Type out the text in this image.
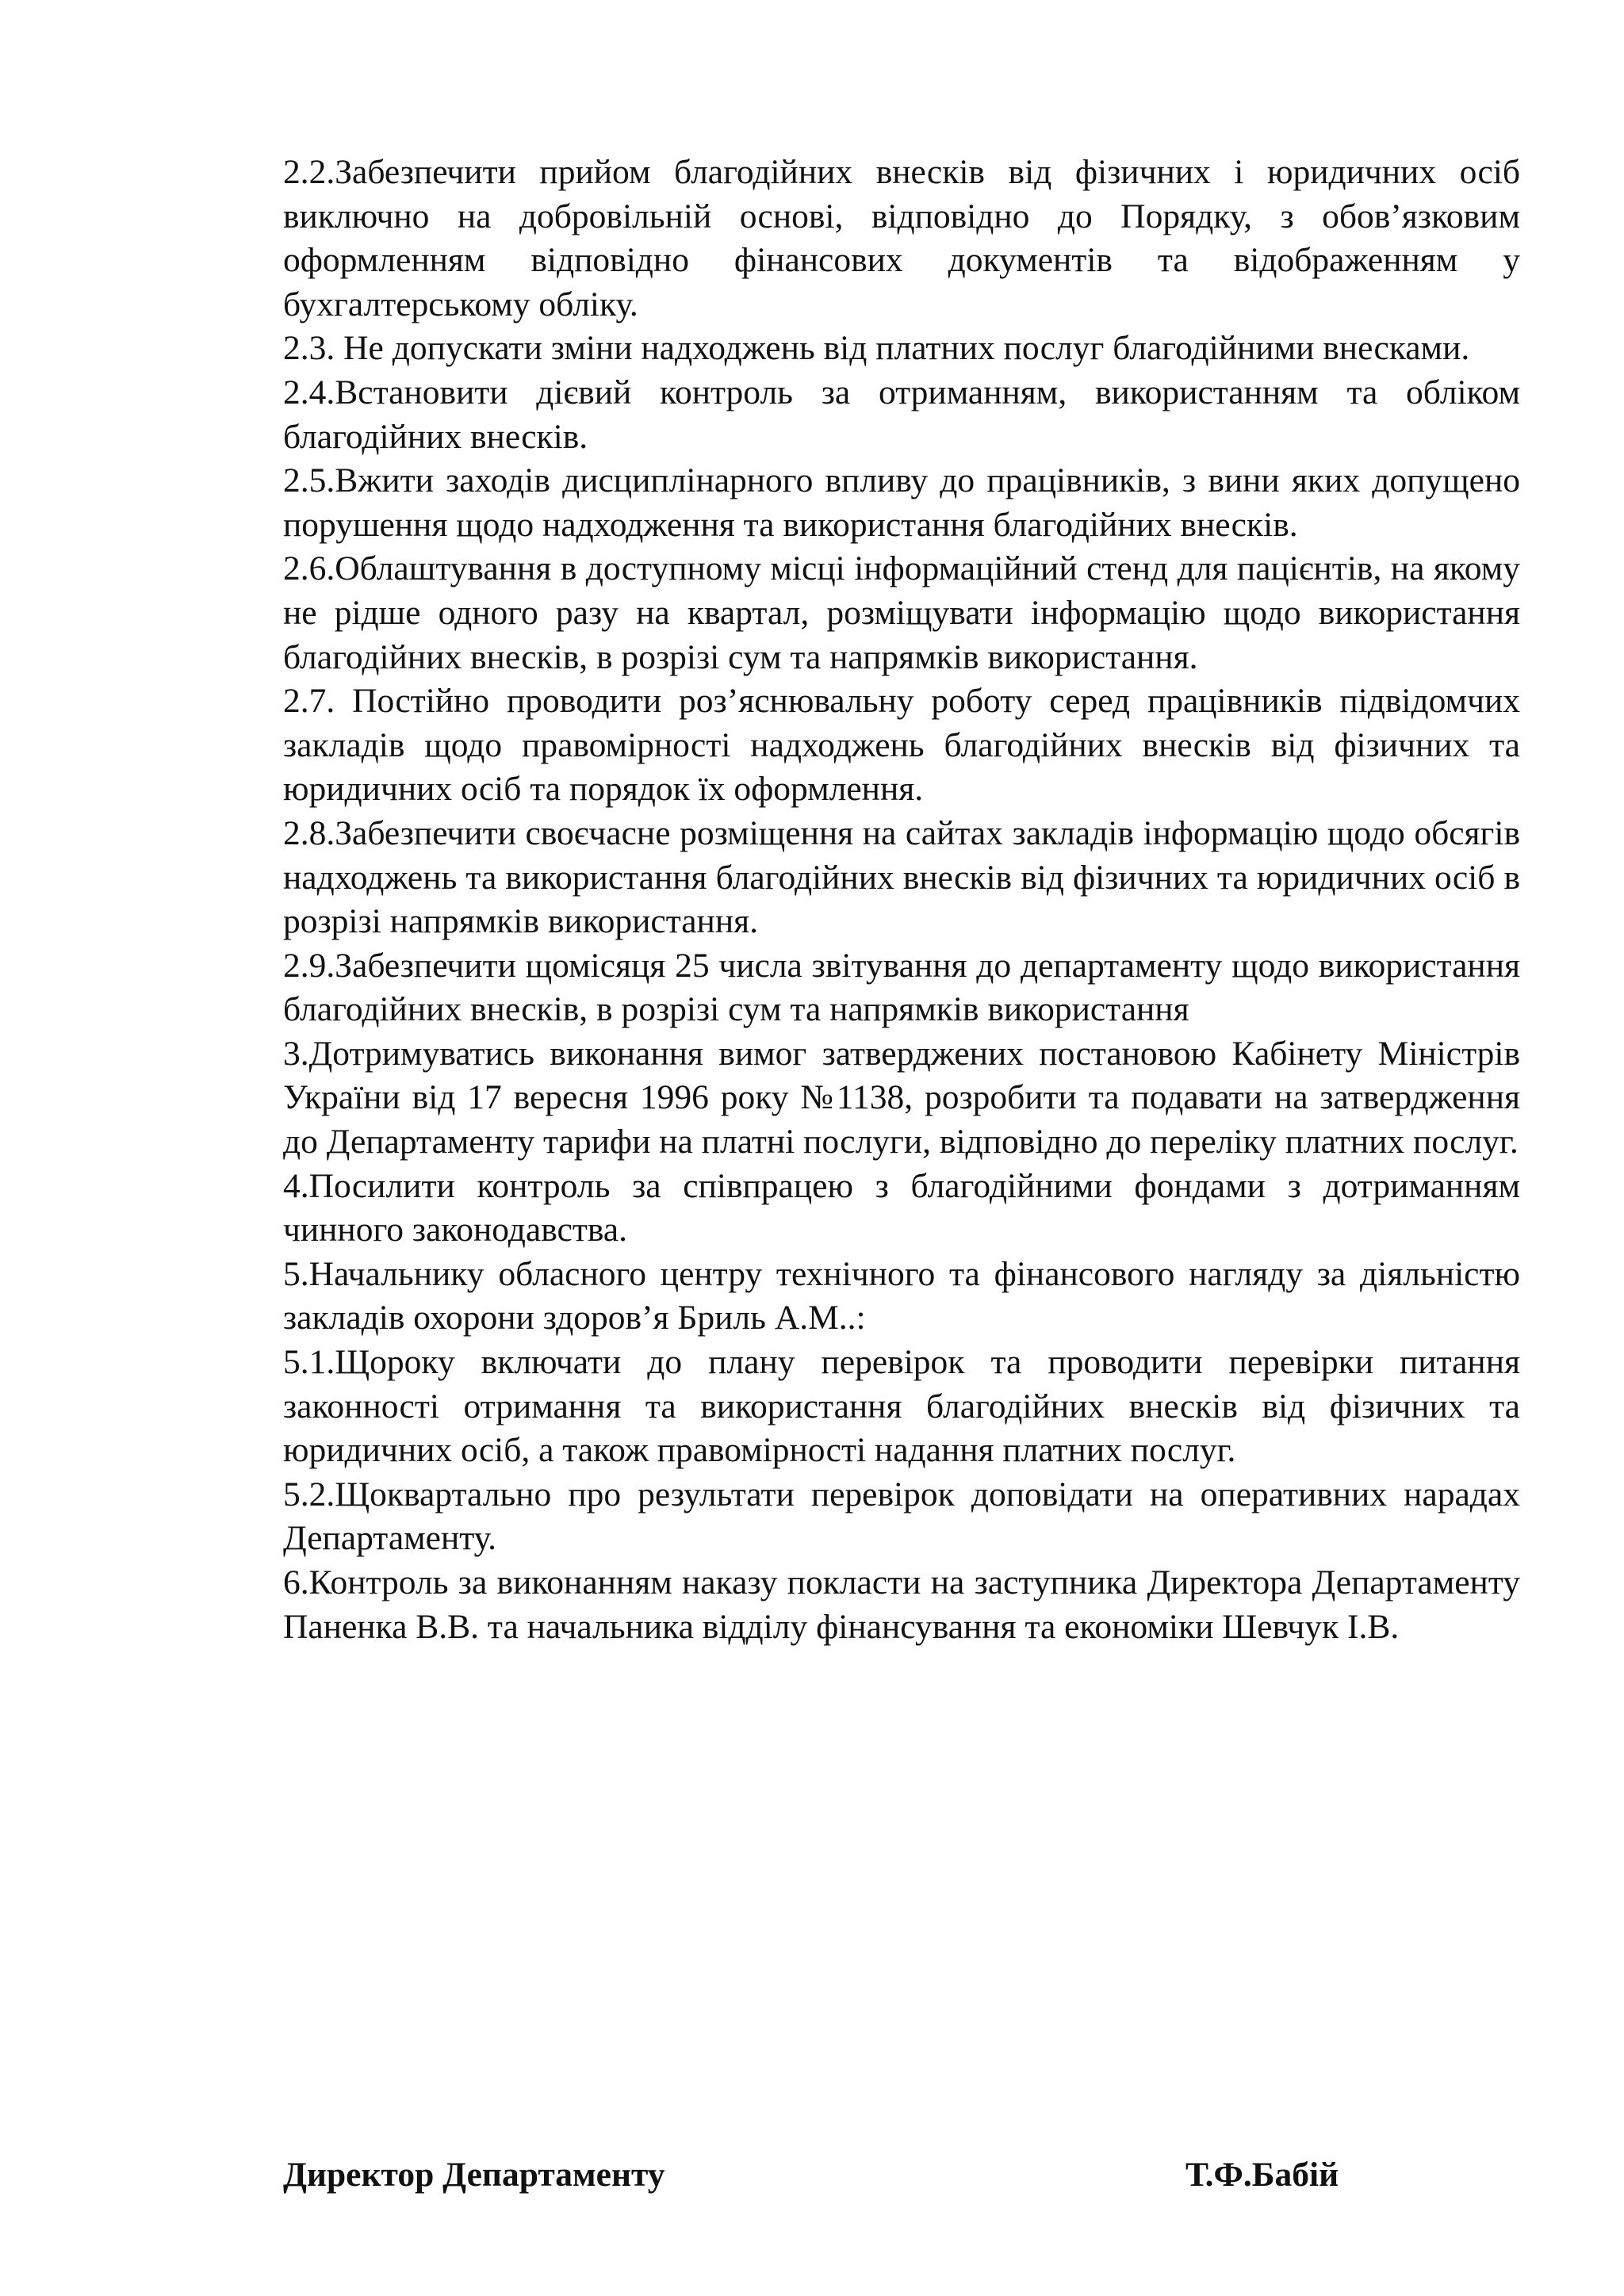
2.2.Забезпечити прийом благодійних внесків від фізичних і юридичних осіб виключно на добровільній основі, відповідно до Порядку, з обов’язковим оформленням відповідно фінансових документів та відображенням у бухгалтерському обліку.

2.3. Не допускати зміни надходжень від платних послуг благодійними внесками.

2.4.Встановити дієвий контроль за отриманням, використанням та обліком благодійних внесків.

2.5.Вжити заходів дисциплінарного впливу до працівників, з вини яких допущено порушення щодо надходження та використання благодійних внесків.

2.6.Облаштування в доступному місці інформаційний стенд для пацієнтів, на якому не рідше одного разу на квартал, розміщувати інформацію щодо використання благодійних внесків, в розрізі сум та напрямків використання.

2.7. Постійно проводити роз’яснювальну роботу серед працівників підвідомчих закладів щодо правомірності надходжень благодійних внесків від фізичних та юридичних осіб та порядок їх оформлення.

2.8.Забезпечити своєчасне розміщення на сайтах закладів інформацію щодо обсягів надходжень та використання благодійних внесків від фізичних та юридичних осіб в розрізі напрямків використання.

2.9.Забезпечити щомісяця 25 числа звітування до департаменту щодо використання благодійних внесків, в розрізі сум та напрямків використання

3.Дотримуватись виконання вимог затверджених постановою Кабінету Міністрів України від 17 вересня 1996 року №1138, розробити та подавати на затвердження до Департаменту тарифи на платні послуги, відповідно до переліку платних послуг.

4.Посилити контроль за співпрацею з благодійними фондами з дотриманням чинного законодавства.

5.Начальнику обласного центру технічного та фінансового нагляду за діяльністю закладів охорони здоров’я Бриль А.М..:

5.1.Щороку включати до плану перевірок та проводити перевірки питання законності отримання та використання благодійних внесків від фізичних та юридичних осіб, а також правомірності надання платних послуг.

5.2.Щоквартально про результати перевірок доповідати на оперативних нарадах Департаменту.

6.Контроль за виконанням наказу покласти на заступника Директора Департаменту Паненка В.В. та начальника відділу фінансування та економіки Шевчук І.В.

Директор Департаменту	Т.Ф.Бабій
